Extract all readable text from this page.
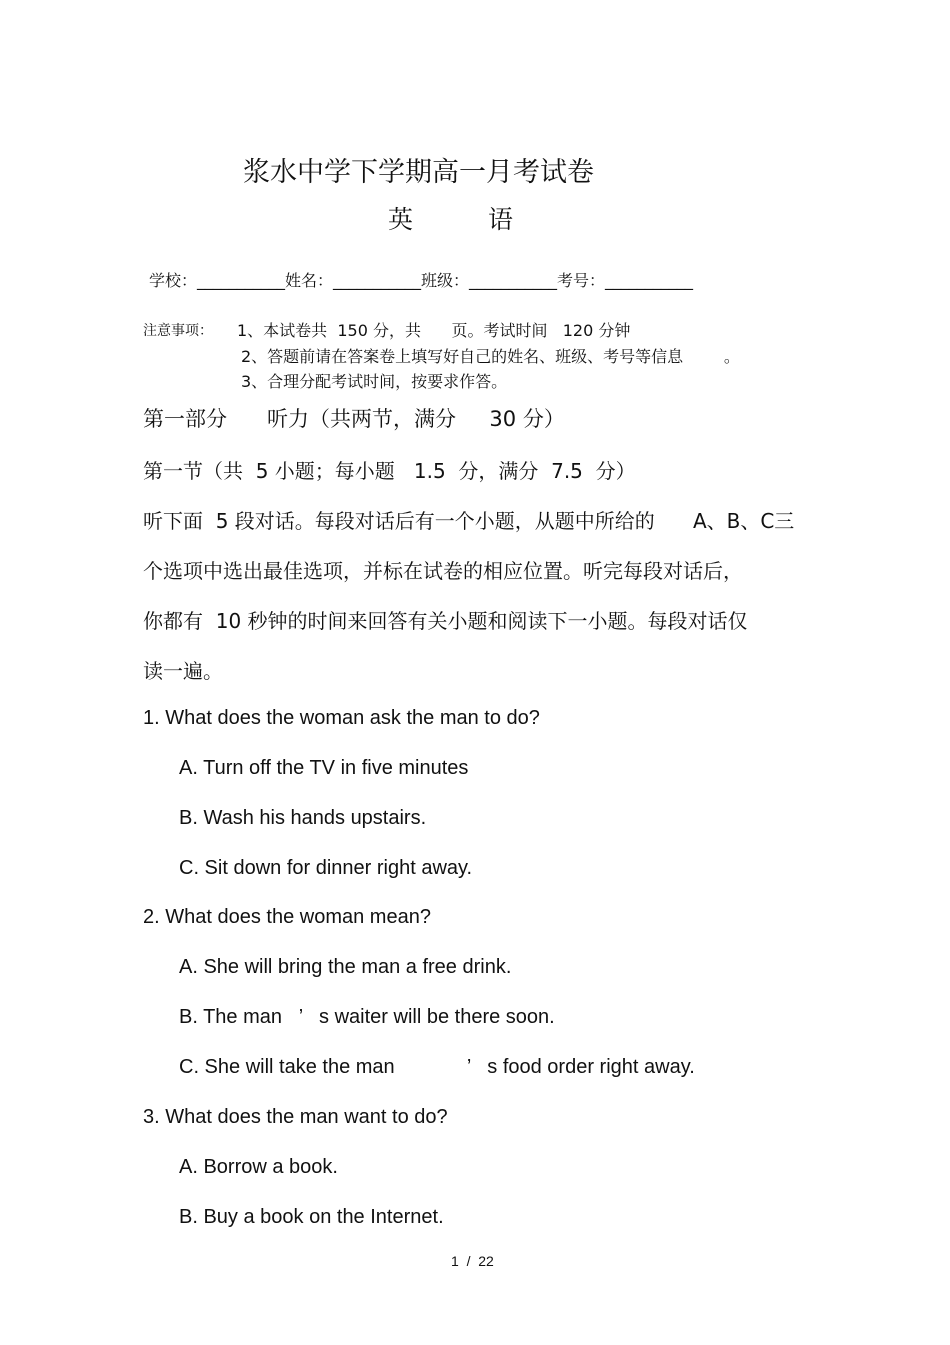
浆水中学下学期高一月考试卷
英　　　语
学校：___________姓名：___________班级：___________考号：___________
注意事项： 1、本试卷共  150 分，共      页。考试时间   120 分钟
2、答题前请在答案卷上填写好自己的姓名、班级、考号等信息        。
3、合理分配考试时间，按要求作答。
第一部分      听力（共两节，满分     30 分）
第一节（共  5 小题；每小题   1.5  分，满分  7.5  分）
听下面  5 段对话。每段对话后有一个小题，从题中所给的      A、B、C三
个选项中选出最佳选项，并标在试卷的相应位置。听完每段对话后，
你都有  10 秒钟的时间来回答有关小题和阅读下一小题。每段对话仅
读一遍。
1. What does the woman ask the man to do?
A. Turn off the TV in five minutes
B. Wash his hands upstairs.
C. Sit down for dinner right away.
2. What does the woman mean?
A. She will bring the man a free drink.
B. The man   ’   s waiter will be there soon.
C. She will take the man             ’   s food order right away.
3. What does the man want to do?
A. Borrow a book.
B. Buy a book on the Internet.
1  /  22
